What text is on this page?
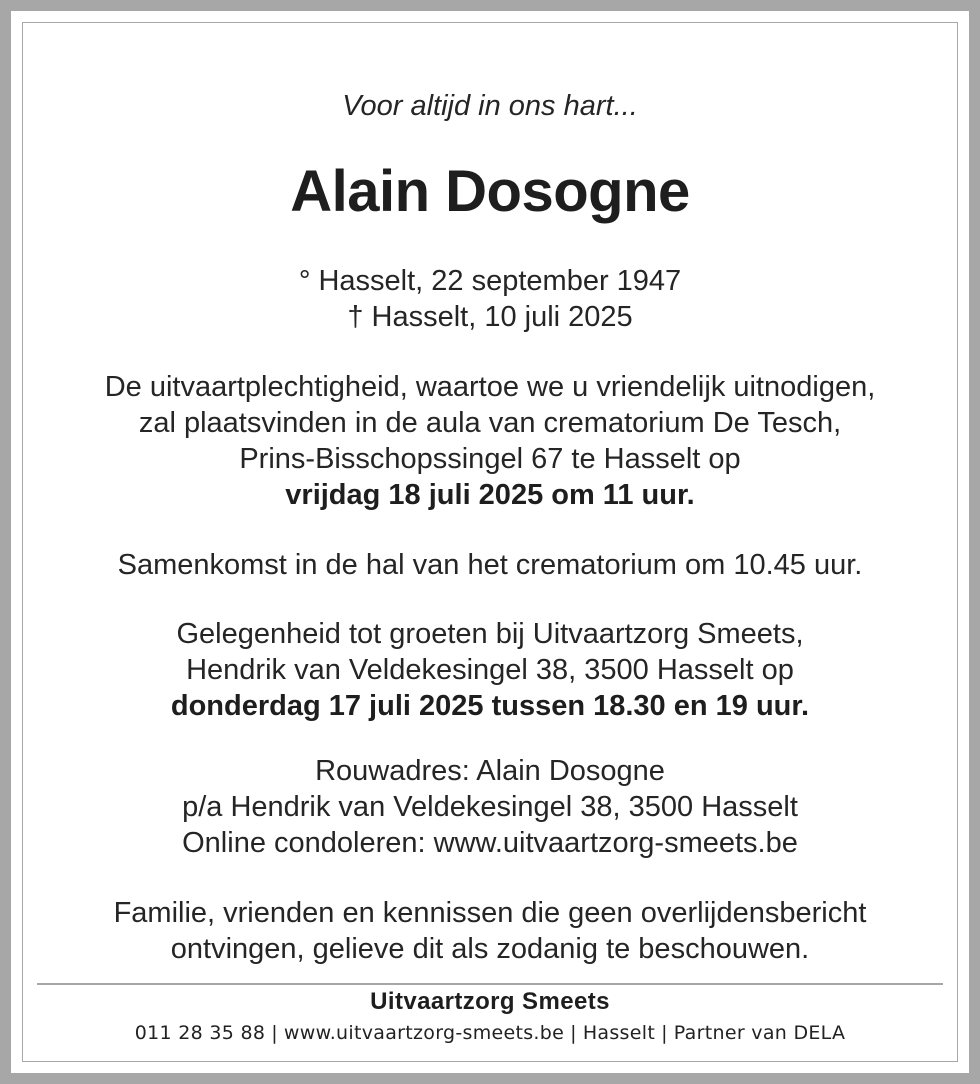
Voor altijd in ons hart...
Alain Dosogne
° Hasselt, 22 september 1947
† Hasselt, 10 juli 2025
De uitvaartplechtigheid, waartoe we u vriendelijk uitnodigen,
zal plaatsvinden in de aula van crematorium De Tesch,
Prins-Bisschopssingel 67 te Hasselt op
vrijdag 18 juli 2025 om 11 uur.
Samenkomst in de hal van het crematorium om 10.45 uur.
Gelegenheid tot groeten bij Uitvaartzorg Smeets,
Hendrik van Veldekesingel 38, 3500 Hasselt op
donderdag 17 juli 2025 tussen 18.30 en 19 uur.
Rouwadres: Alain Dosogne
p/a Hendrik van Veldekesingel 38, 3500 Hasselt
Online condoleren: www.uitvaartzorg-smeets.be
Familie, vrienden en kennissen die geen overlijdensbericht
ontvingen, gelieve dit als zodanig te beschouwen.
Uitvaartzorg Smeets
011 28 35 88 | www.uitvaartzorg-smeets.be | Hasselt | Partner van DELA
